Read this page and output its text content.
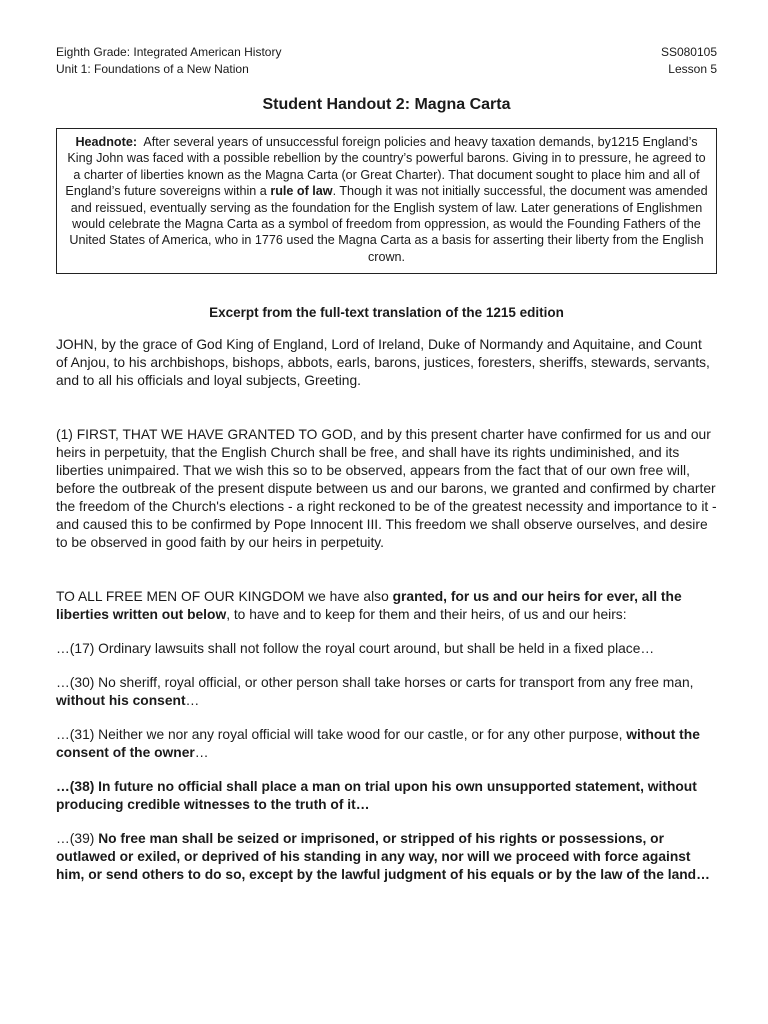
Eighth Grade: Integrated American History
Unit 1: Foundations of a New Nation
SS080105
Lesson 5
Student Handout 2: Magna Carta
Headnote: After several years of unsuccessful foreign policies and heavy taxation demands, by1215 England’s King John was faced with a possible rebellion by the country’s powerful barons. Giving in to pressure, he agreed to a charter of liberties known as the Magna Carta (or Great Charter). That document sought to place him and all of England’s future sovereigns within a rule of law. Though it was not initially successful, the document was amended and reissued, eventually serving as the foundation for the English system of law. Later generations of Englishmen would celebrate the Magna Carta as a symbol of freedom from oppression, as would the Founding Fathers of the United States of America, who in 1776 used the Magna Carta as a basis for asserting their liberty from the English crown.
Excerpt from the full-text translation of the 1215 edition

JOHN, by the grace of God King of England, Lord of Ireland, Duke of Normandy and Aquitaine, and Count of Anjou, to his archbishops, bishops, abbots, earls, barons, justices, foresters, sheriffs, stewards, servants, and to all his officials and loyal subjects, Greeting.

(1) FIRST, THAT WE HAVE GRANTED TO GOD, and by this present charter have confirmed for us and our heirs in perpetuity, that the English Church shall be free, and shall have its rights undiminished, and its liberties unimpaired. That we wish this so to be observed, appears from the fact that of our own free will, before the outbreak of the present dispute between us and our barons, we granted and confirmed by charter the freedom of the Church's elections - a right reckoned to be of the greatest necessity and importance to it - and caused this to be confirmed by Pope Innocent III. This freedom we shall observe ourselves, and desire to be observed in good faith by our heirs in perpetuity.

TO ALL FREE MEN OF OUR KINGDOM we have also granted, for us and our heirs for ever, all the liberties written out below, to have and to keep for them and their heirs, of us and our heirs:

…(17) Ordinary lawsuits shall not follow the royal court around, but shall be held in a fixed place…

…(30) No sheriff, royal official, or other person shall take horses or carts for transport from any free man, without his consent…

…(31) Neither we nor any royal official will take wood for our castle, or for any other purpose, without the consent of the owner…

…(38) In future no official shall place a man on trial upon his own unsupported statement, without producing credible witnesses to the truth of it…

…(39) No free man shall be seized or imprisoned, or stripped of his rights or possessions, or outlawed or exiled, or deprived of his standing in any way, nor will we proceed with force against him, or send others to do so, except by the lawful judgment of his equals or by the law of the land…
